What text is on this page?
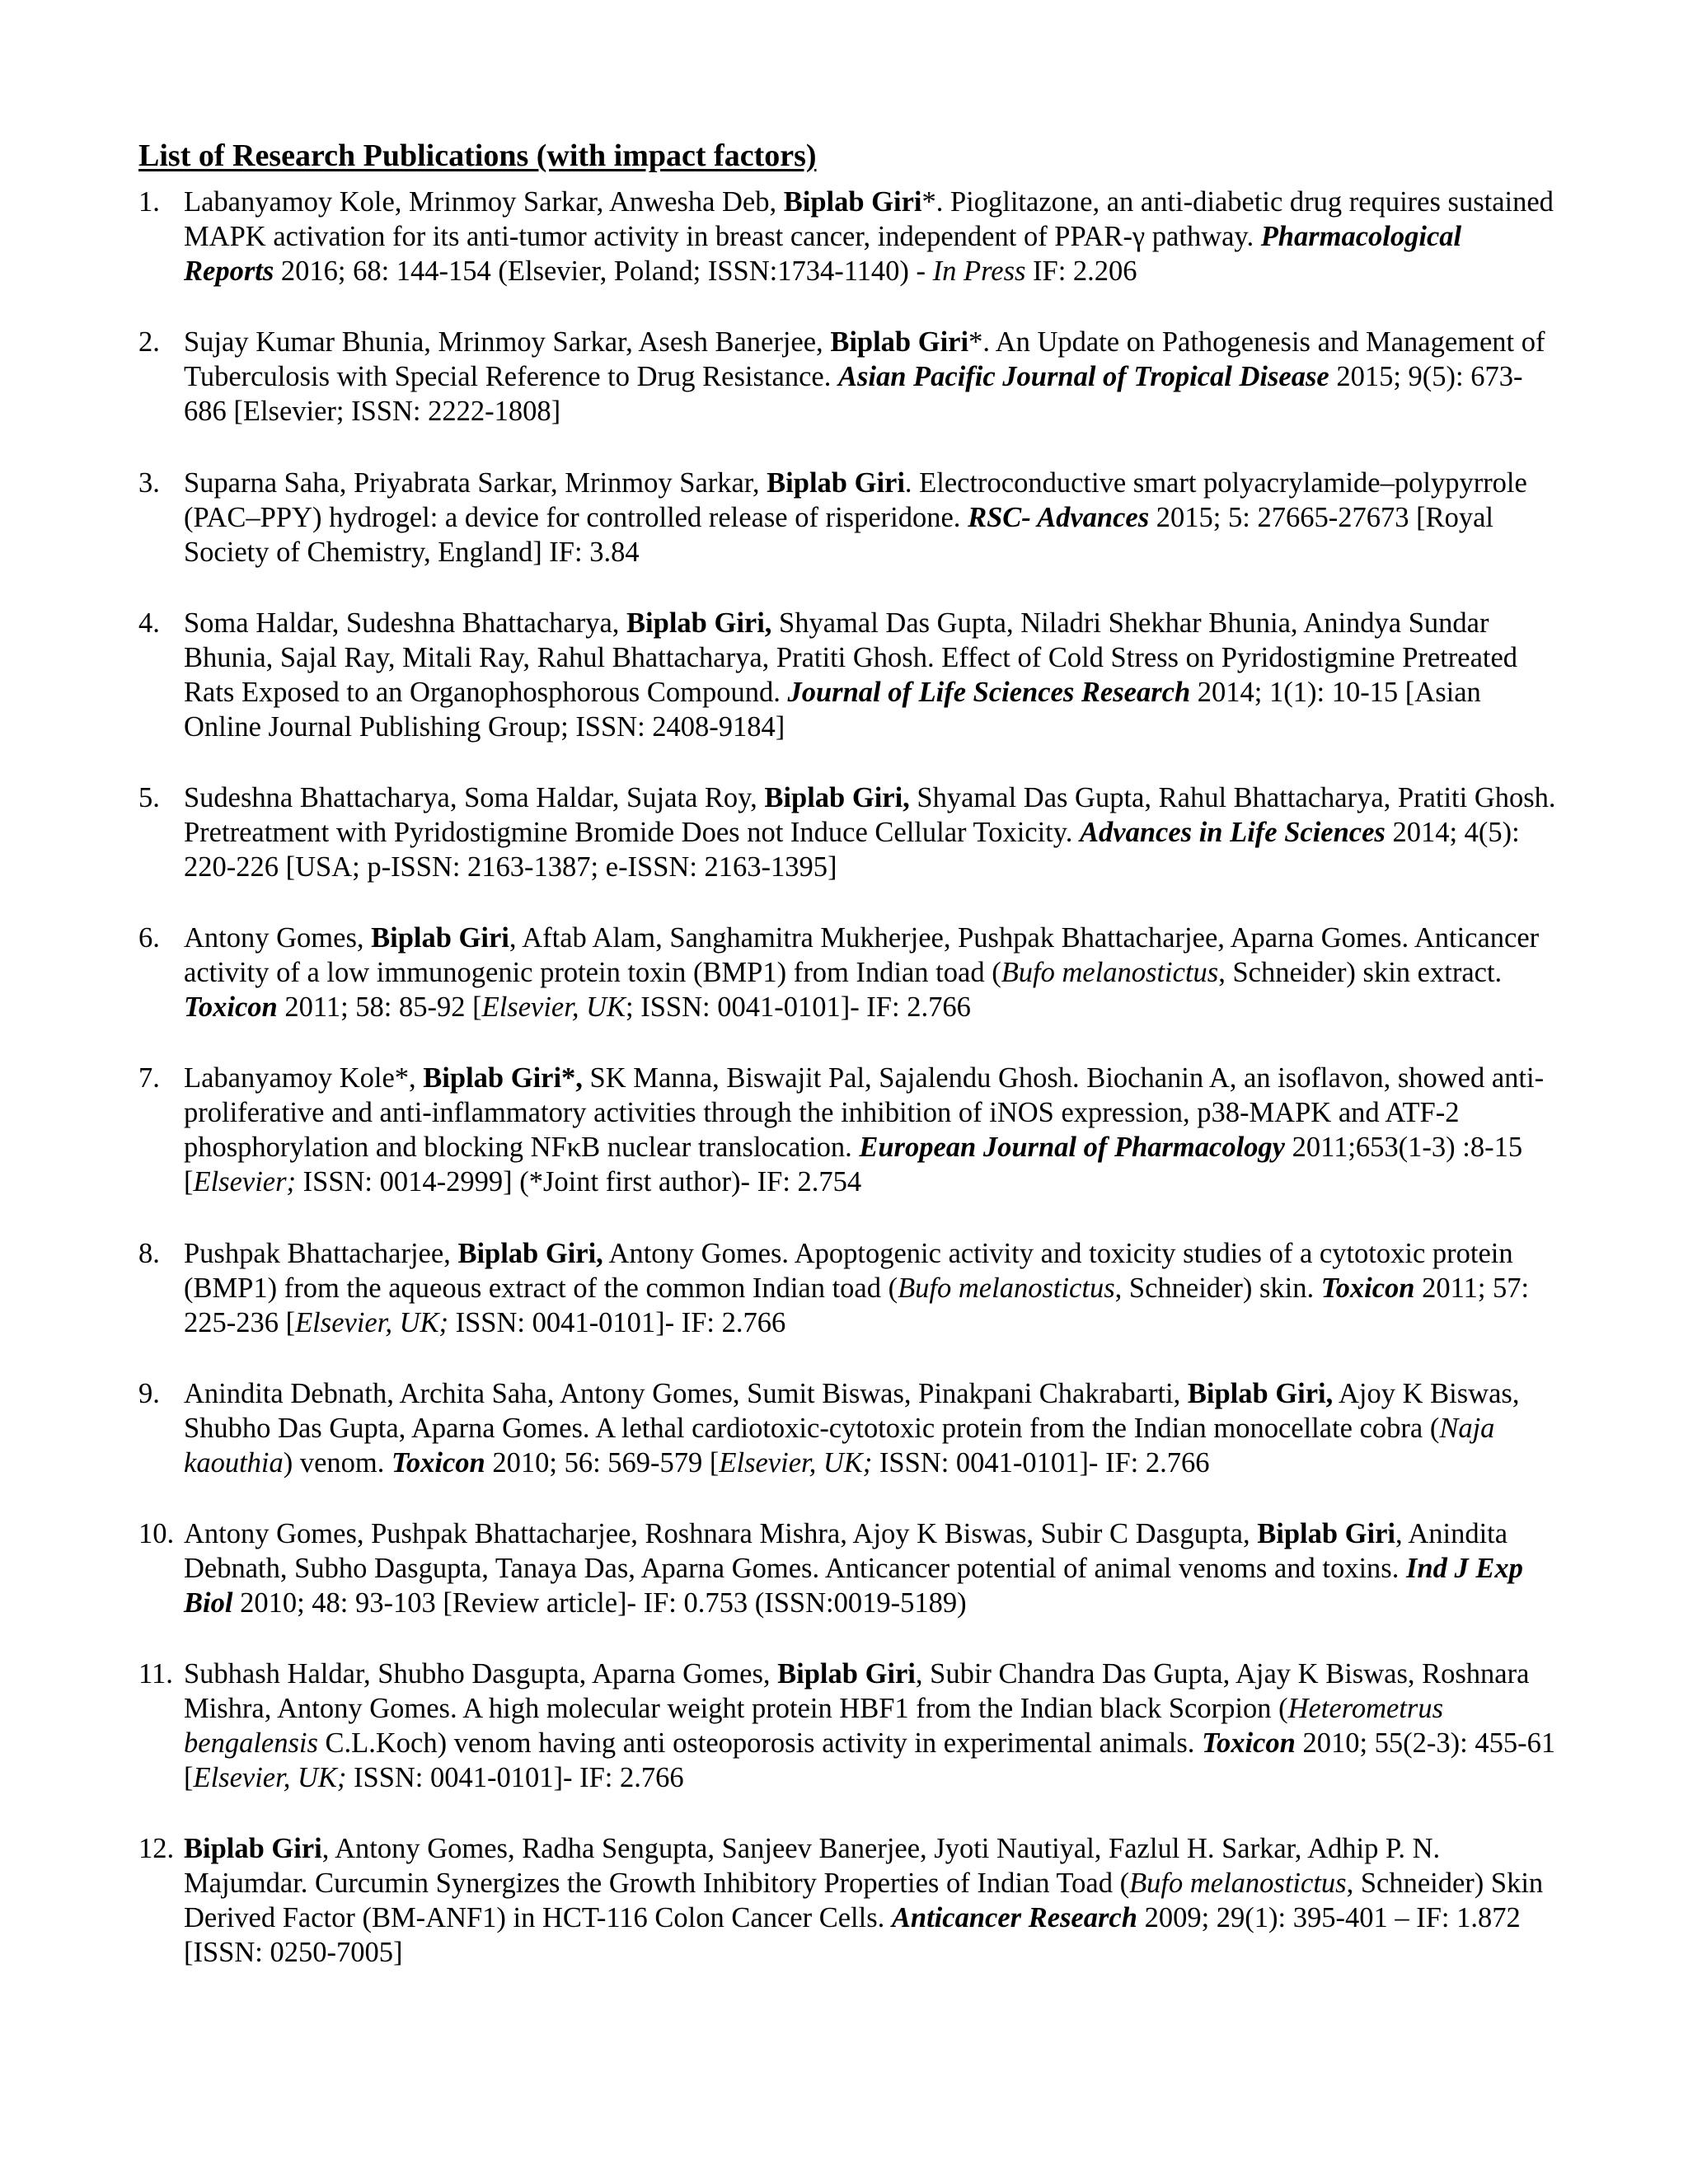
List of Research Publications (with impact factors)
1. Labanyamoy Kole, Mrinmoy Sarkar, Anwesha Deb, Biplab Giri*. Pioglitazone, an anti-diabetic drug requires sustained MAPK activation for its anti-tumor activity in breast cancer, independent of PPAR-γ pathway. Pharmacological Reports 2016; 68: 144-154 (Elsevier, Poland; ISSN:1734-1140) - In Press IF: 2.206
2. Sujay Kumar Bhunia, Mrinmoy Sarkar, Asesh Banerjee, Biplab Giri*. An Update on Pathogenesis and Management of Tuberculosis with Special Reference to Drug Resistance. Asian Pacific Journal of Tropical Disease 2015; 9(5): 673-686 [Elsevier; ISSN: 2222-1808]
3. Suparna Saha, Priyabrata Sarkar, Mrinmoy Sarkar, Biplab Giri. Electroconductive smart polyacrylamide–polypyrrole (PAC–PPY) hydrogel: a device for controlled release of risperidone. RSC- Advances 2015; 5: 27665-27673 [Royal Society of Chemistry, England] IF: 3.84
4. Soma Haldar, Sudeshna Bhattacharya, Biplab Giri, Shyamal Das Gupta, Niladri Shekhar Bhunia, Anindya Sundar Bhunia, Sajal Ray, Mitali Ray, Rahul Bhattacharya, Pratiti Ghosh. Effect of Cold Stress on Pyridostigmine Pretreated Rats Exposed to an Organophosphorous Compound. Journal of Life Sciences Research 2014; 1(1): 10-15 [Asian Online Journal Publishing Group; ISSN: 2408-9184]
5. Sudeshna Bhattacharya, Soma Haldar, Sujata Roy, Biplab Giri, Shyamal Das Gupta, Rahul Bhattacharya, Pratiti Ghosh. Pretreatment with Pyridostigmine Bromide Does not Induce Cellular Toxicity. Advances in Life Sciences 2014; 4(5): 220-226 [USA; p-ISSN: 2163-1387; e-ISSN: 2163-1395]
6. Antony Gomes, Biplab Giri, Aftab Alam, Sanghamitra Mukherjee, Pushpak Bhattacharjee, Aparna Gomes. Anticancer activity of a low immunogenic protein toxin (BMP1) from Indian toad (Bufo melanostictus, Schneider) skin extract. Toxicon 2011; 58: 85-92 [Elsevier, UK; ISSN: 0041-0101]- IF: 2.766
7. Labanyamoy Kole*, Biplab Giri*, SK Manna, Biswajit Pal, Sajalendu Ghosh. Biochanin A, an isoflavon, showed anti-proliferative and anti-inflammatory activities through the inhibition of iNOS expression, p38-MAPK and ATF-2 phosphorylation and blocking NFκB nuclear translocation. European Journal of Pharmacology 2011;653(1-3) :8-15 [Elsevier; ISSN: 0014-2999] (*Joint first author)- IF: 2.754
8. Pushpak Bhattacharjee, Biplab Giri, Antony Gomes. Apoptogenic activity and toxicity studies of a cytotoxic protein (BMP1) from the aqueous extract of the common Indian toad (Bufo melanostictus, Schneider) skin. Toxicon 2011; 57: 225-236 [Elsevier, UK; ISSN: 0041-0101]- IF: 2.766
9. Anindita Debnath, Archita Saha, Antony Gomes, Sumit Biswas, Pinakpani Chakrabarti, Biplab Giri, Ajoy K Biswas, Shubho Das Gupta, Aparna Gomes. A lethal cardiotoxic-cytotoxic protein from the Indian monocellate cobra (Naja kaouthia) venom. Toxicon 2010; 56: 569-579 [Elsevier, UK; ISSN: 0041-0101]- IF: 2.766
10. Antony Gomes, Pushpak Bhattacharjee, Roshnara Mishra, Ajoy K Biswas, Subir C Dasgupta, Biplab Giri, Anindita Debnath, Subho Dasgupta, Tanaya Das, Aparna Gomes. Anticancer potential of animal venoms and toxins. Ind J Exp Biol 2010; 48: 93-103 [Review article]- IF: 0.753 (ISSN:0019-5189)
11. Subhash Haldar, Shubho Dasgupta, Aparna Gomes, Biplab Giri, Subir Chandra Das Gupta, Ajay K Biswas, Roshnara Mishra, Antony Gomes. A high molecular weight protein HBF1 from the Indian black Scorpion (Heterometrus bengalensis C.L.Koch) venom having anti osteoporosis activity in experimental animals. Toxicon 2010; 55(2-3): 455-61 [Elsevier, UK; ISSN: 0041-0101]- IF: 2.766
12. Biplab Giri, Antony Gomes, Radha Sengupta, Sanjeev Banerjee, Jyoti Nautiyal, Fazlul H. Sarkar, Adhip P. N. Majumdar. Curcumin Synergizes the Growth Inhibitory Properties of Indian Toad (Bufo melanostictus, Schneider) Skin Derived Factor (BM-ANF1) in HCT-116 Colon Cancer Cells. Anticancer Research 2009; 29(1): 395-401 – IF: 1.872 [ISSN: 0250-7005]
